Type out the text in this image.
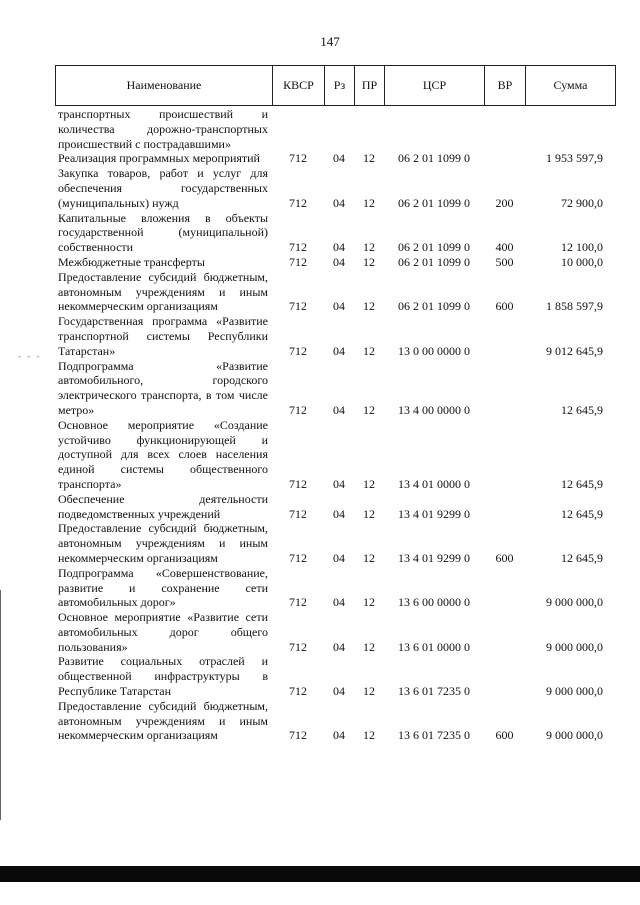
147
- - -
Наименование	КВСР	Рз	ПР	ЦСР	ВР	Сумма
транспортных происшествий и количества дорожно-транспортных происшествий с пострадавшими»						
Реализация программных мероприятий	712	04	12	06 2 01 1099 0		1 953 597,9
Закупка товаров, работ и услуг для обеспечения государственных (муниципальных) нужд	712	04	12	06 2 01 1099 0	200	72 900,0
Капитальные вложения в объекты государственной (муниципальной) собственности	712	04	12	06 2 01 1099 0	400	12 100,0
Межбюджетные трансферты	712	04	12	06 2 01 1099 0	500	10 000,0
Предоставление субсидий бюджетным, автономным учреждениям и иным некоммерческим организациям	712	04	12	06 2 01 1099 0	600	1 858 597,9
Государственная программа «Развитие транспортной системы Республики Татарстан»	712	04	12	13 0 00 0000 0		9 012 645,9
Подпрограмма «Развитие автомобильного, городского электрического транспорта, в том числе метро»	712	04	12	13 4 00 0000 0		12 645,9
Основное мероприятие «Создание устойчиво функционирующей и доступной для всех слоев населения единой системы общественного транспорта»	712	04	12	13 4 01 0000 0		12 645,9
Обеспечение деятельности подведомственных учреждений	712	04	12	13 4 01 9299 0		12 645,9
Предоставление субсидий бюджетным, автономным учреждениям и иным некоммерческим организациям	712	04	12	13 4 01 9299 0	600	12 645,9
Подпрограмма «Совершенствование, развитие и сохранение сети автомобильных дорог»	712	04	12	13 6 00 0000 0		9 000 000,0
Основное мероприятие «Развитие сети автомобильных дорог общего пользования»	712	04	12	13 6 01 0000 0		9 000 000,0
Развитие социальных отраслей и общественной инфраструктуры в Республике Татарстан	712	04	12	13 6 01 7235 0		9 000 000,0
Предоставление субсидий бюджетным, автономным учреждениям и иным некоммерческим организациям	712	04	12	13 6 01 7235 0	600	9 000 000,0
